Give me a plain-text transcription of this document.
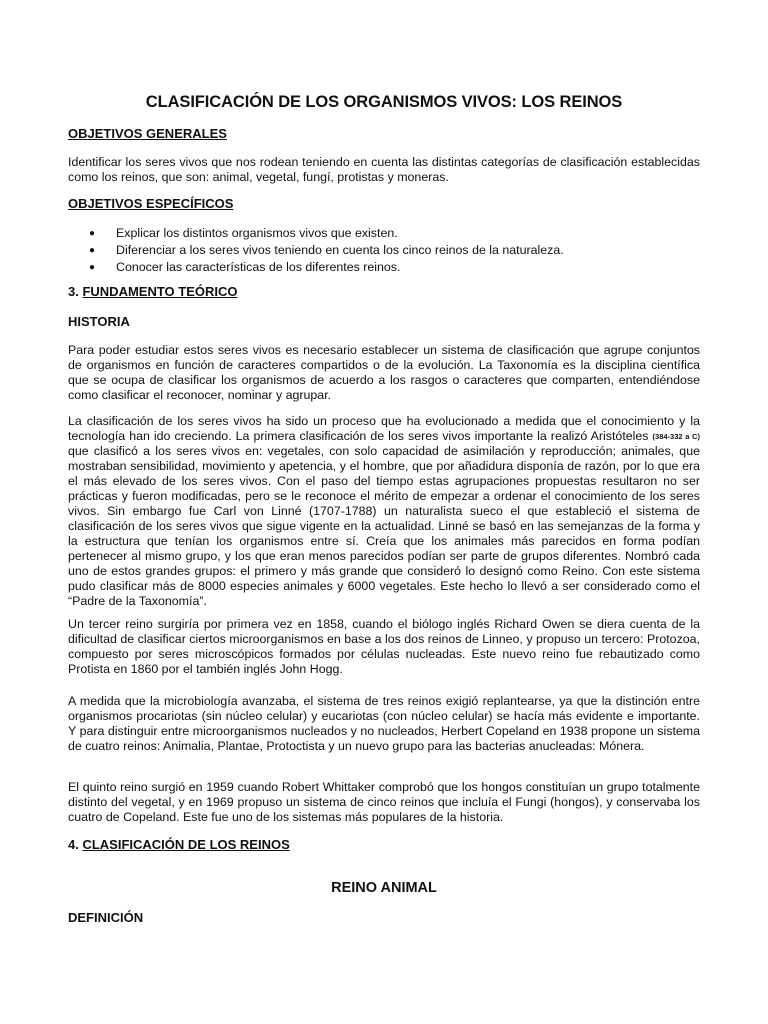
CLASIFICACIÓN DE LOS ORGANISMOS VIVOS: LOS REINOS
OBJETIVOS GENERALES

Identificar los seres vivos que nos rodean teniendo en cuenta las distintas categorías de clasificación establecidas como los reinos, que son: animal, vegetal, fungí, protistas y moneras.

OBJETIVOS ESPECÍFICOS
● Explicar los distintos organismos vivos que existen.
● Diferenciar a los seres vivos teniendo en cuenta los cinco reinos de la naturaleza.
● Conocer las características de los diferentes reinos.
3. FUNDAMENTO TEÓRICO
HISTORIA

Para poder estudiar estos seres vivos es necesario establecer un sistema de clasificación que agrupe conjuntos de organismos en función de caracteres compartidos o de la evolución. La Taxonomía es la disciplina científica que se ocupa de clasificar los organismos de acuerdo a los rasgos o caracteres que comparten, entendiéndose como clasificar el reconocer, nominar y agrupar.

La clasificación de los seres vivos ha sido un proceso que ha evolucionado a medida que el conocimiento y la tecnología han ido creciendo. La primera clasificación de los seres vivos importante la realizó Aristóteles (384-332 a C) que clasificó a los seres vivos en: vegetales, con solo capacidad de asimilación y reproducción; animales, que mostraban sensibilidad, movimiento y apetencia, y el hombre, que por añadidura disponía de razón, por lo que era el más elevado de los seres vivos. Con el paso del tiempo estas agrupaciones propuestas resultaron no ser prácticas y fueron modificadas, pero se le reconoce el mérito de empezar a ordenar el conocimiento de los seres vivos. Sin embargo fue Carl von Linné (1707-1788) un naturalista sueco el que estableció el sistema de clasificación de los seres vivos que sigue vigente en la actualidad. Linné se basó en las semejanzas de la forma y la estructura que tenían los organismos entre sí. Creía que los animales más parecidos en forma podían pertenecer al mismo grupo, y los que eran menos parecidos podían ser parte de grupos diferentes. Nombró cada uno de estos grandes grupos: el primero y más grande que consideró lo designó como Reino. Con este sistema pudo clasificar más de 8000 especies animales y 6000 vegetales. Este hecho lo llevó a ser considerado como el “Padre de la Taxonomía”.

Un tercer reino surgiría por primera vez en 1858, cuando el biólogo inglés Richard Owen se diera cuenta de la dificultad de clasificar ciertos microorganismos en base a los dos reinos de Linneo, y propuso un tercero: Protozoa, compuesto por seres microscópicos formados por células nucleadas. Este nuevo reino fue rebautizado como Protista en 1860 por el también inglés John Hogg.

A medida que la microbiología avanzaba, el sistema de tres reinos exigió replantearse, ya que la distinción entre organismos procariotas (sin núcleo celular) y eucariotas (con núcleo celular) se hacía más evidente e importante. Y para distinguir entre microorganismos nucleados y no nucleados, Herbert Copeland en 1938 propone un sistema de cuatro reinos: Animalia, Plantae, Protoctista y un nuevo grupo para las bacterias anucleadas: Mónera.

El quinto reino surgió en 1959 cuando Robert Whittaker comprobó que los hongos constituían un grupo totalmente distinto del vegetal, y en 1969 propuso un sistema de cinco reinos que incluía el Fungi (hongos), y conservaba los cuatro de Copeland. Este fue uno de los sistemas más populares de la historia.

4. CLASIFICACIÓN DE LOS REINOS
REINO ANIMAL
DEFINICIÓN
